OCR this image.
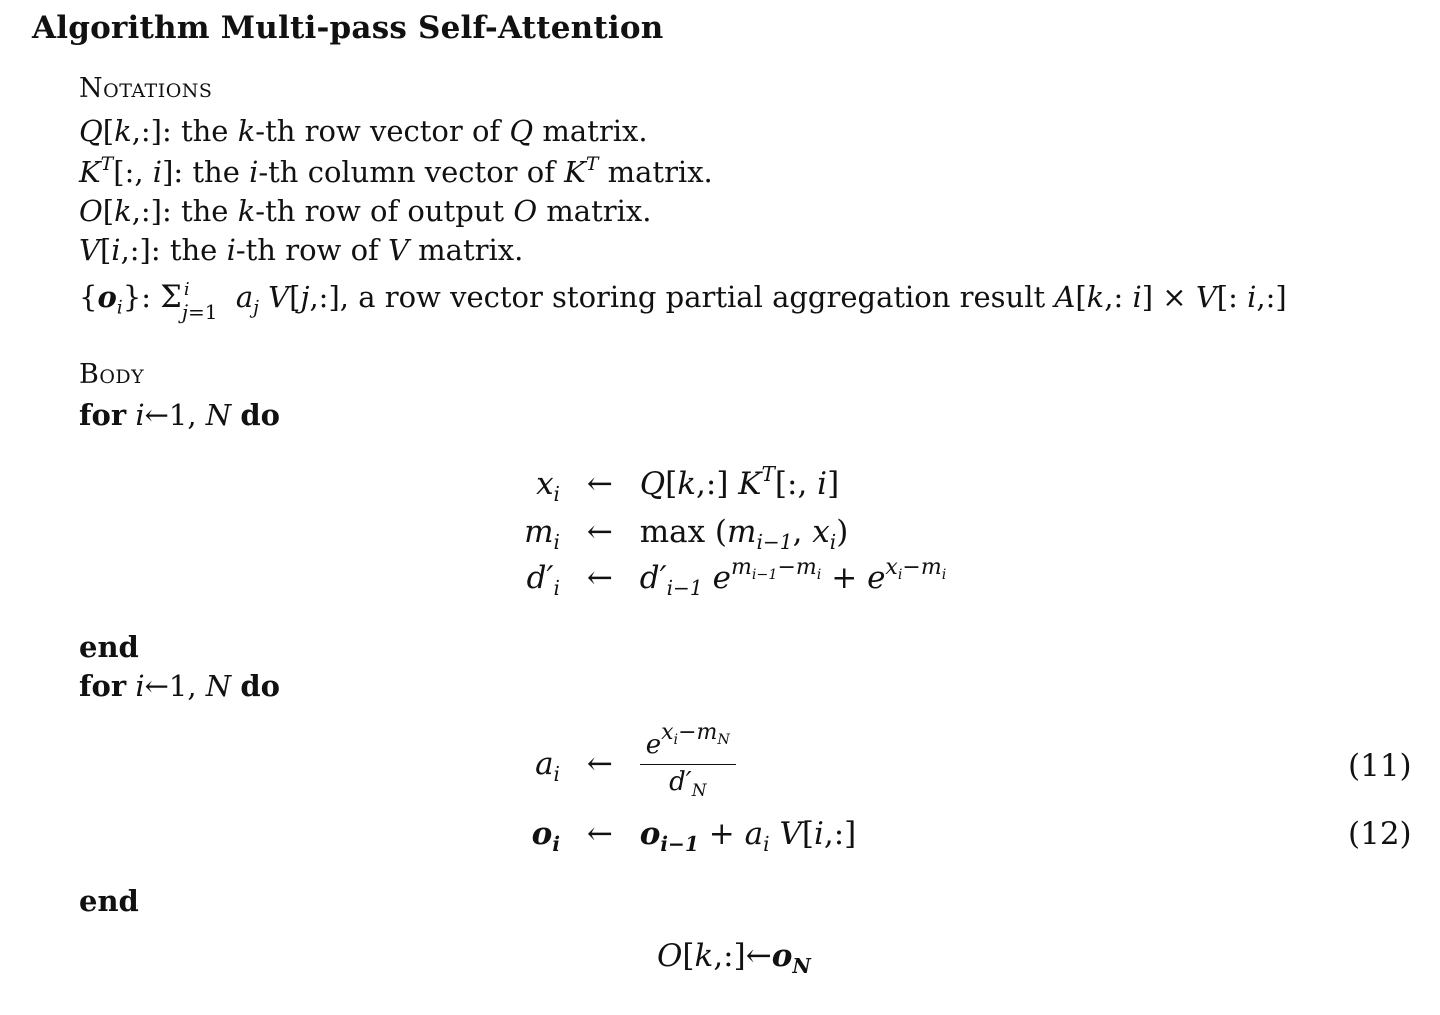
Algorithm Multi-pass Self-Attention
Notations
Q[k,:]: the k-th row vector of Q matrix.
$K^T$[:, i]: the i-th column vector of $K^T$ matrix.
O[k,:]: the k-th row of output O matrix.
V[i,:]: the i-th row of V matrix.
$\{o_i\}$: Σ i
j=1 $a_j$ V[j,:], a row vector storing partial aggregation result A[k,: i] × V[: i,:]
Body
for i←1, N do
$x_i$ ← Q[k,:] $K^T$[:, i]
$m_i$ ← $\max (m_{i-1}$, $x_i$)
$d'_i$ ← $d'_{i-1}$ $e^{m_{i-1}-m_i} + e^{x_i-m_i}$
end
for i←1, N do
$a_i$ ← $\frac{e^{x_i-m_N}}{d'_N}$	(11)
$o_i$ ← $o_{i-1} + a_i$ V[i,:]	(12)
end
$O[k,:]\leftarrow o_N$
